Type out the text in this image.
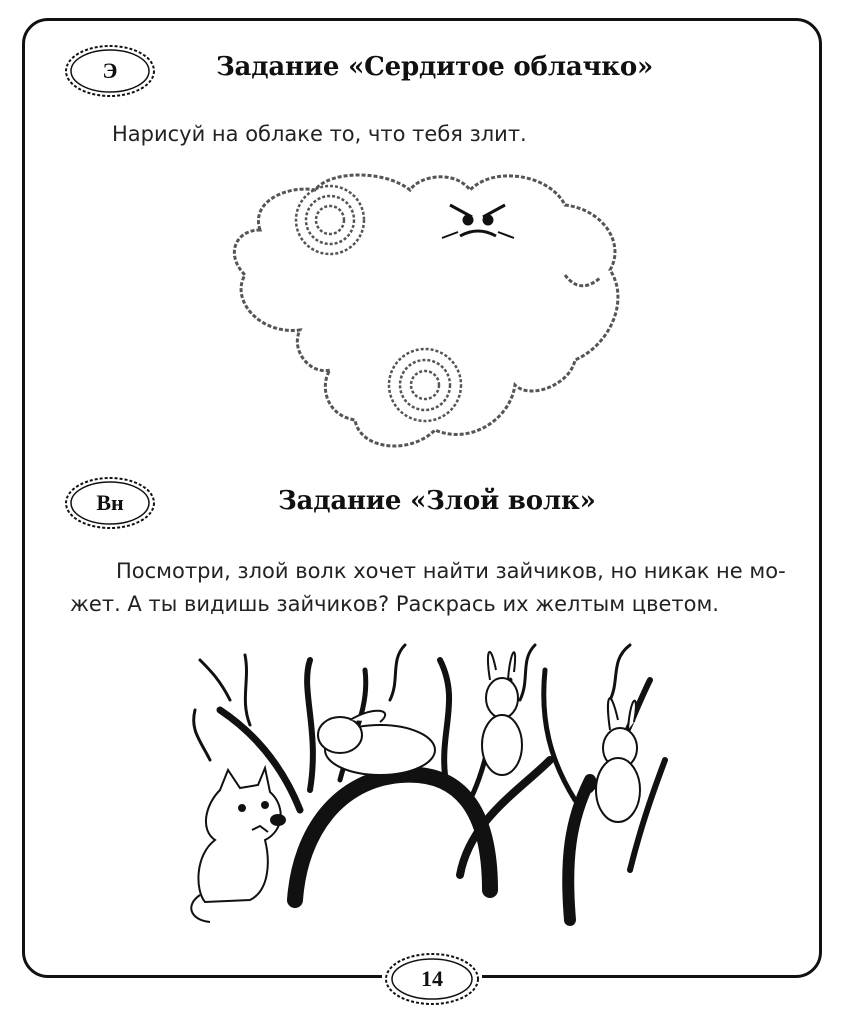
Э	Задание «Сердитое облачко»
Нарисуй на облаке то, что тебя злит.
Вн	Задание «Злой волк»
Посмотри, злой волк хочет найти зайчиков, но никак не мо-
жет. А ты видишь зайчиков? Раскрась их желтым цветом.
14
